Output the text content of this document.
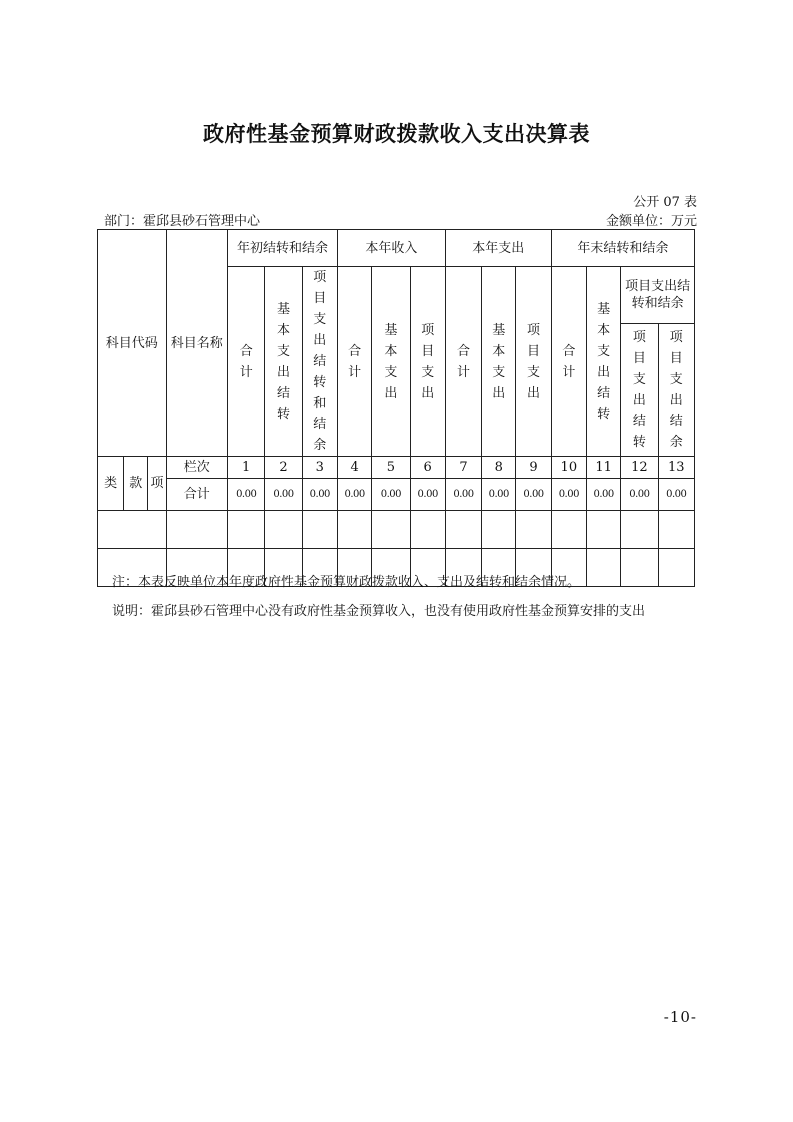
政府性基金预算财政拨款收入支出决算表
公开 07 表
部门：霍邱县砂石管理中心	金额单位：万元
科目代码			科目名称	年初结转和结余			本年收入			本年支出			年末结转和结余			
				合计	基本支出结转	项目支出结转和结余	合计	基本支出	项目支出	合计	基本支出	项目支出	合计	基本支出结转	项目支出结转和结余	

															项目支出结转	项目支出结余

类	款	项	栏次	1	2	3	4	5	6	7	8	9	10	11	12	13
			合计	0.00	0.00	0.00	0.00	0.00	0.00	0.00	0.00	0.00	0.00	0.00	0.00	0.00

注：本表反映单位本年度政府性基金预算财政拨款收入、支出及结转和结余情况。
说明：霍邱县砂石管理中心没有政府性基金预算收入，也没有使用政府性基金预算安排的支出
-10-
